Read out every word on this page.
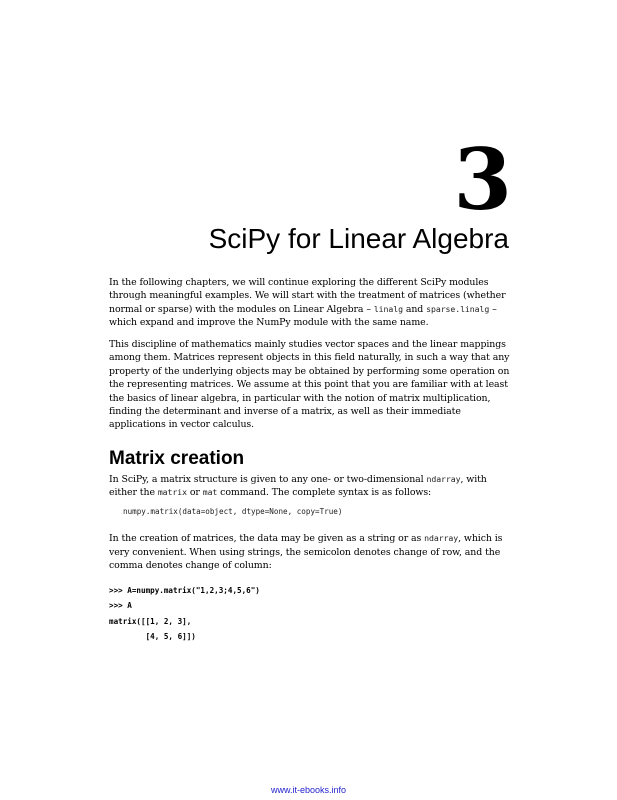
3
SciPy for Linear Algebra

In the following chapters, we will continue exploring the different SciPy modules through meaningful examples. We will start with the treatment of matrices (whether normal or sparse) with the modules on Linear Algebra – linalg and sparse.linalg – which expand and improve the NumPy module with the same name.

This discipline of mathematics mainly studies vector spaces and the linear mappings among them. Matrices represent objects in this field naturally, in such a way that any property of the underlying objects may be obtained by performing some operation on the representing matrices. We assume at this point that you are familiar with at least the basics of linear algebra, in particular with the notion of matrix multiplication, finding the determinant and inverse of a matrix, as well as their immediate applications in vector calculus.

Matrix creation

In SciPy, a matrix structure is given to any one- or two-dimensional ndarray, with either the matrix or mat command. The complete syntax is as follows:

numpy.matrix(data=object, dtype=None, copy=True)

In the creation of matrices, the data may be given as a string or as ndarray, which is very convenient. When using strings, the semicolon denotes change of row, and the comma denotes change of column:

>>> A=numpy.matrix("1,2,3;4,5,6")
>>> A
matrix([[1, 2, 3],
[4, 5, 6]])
www.it-ebooks.info
